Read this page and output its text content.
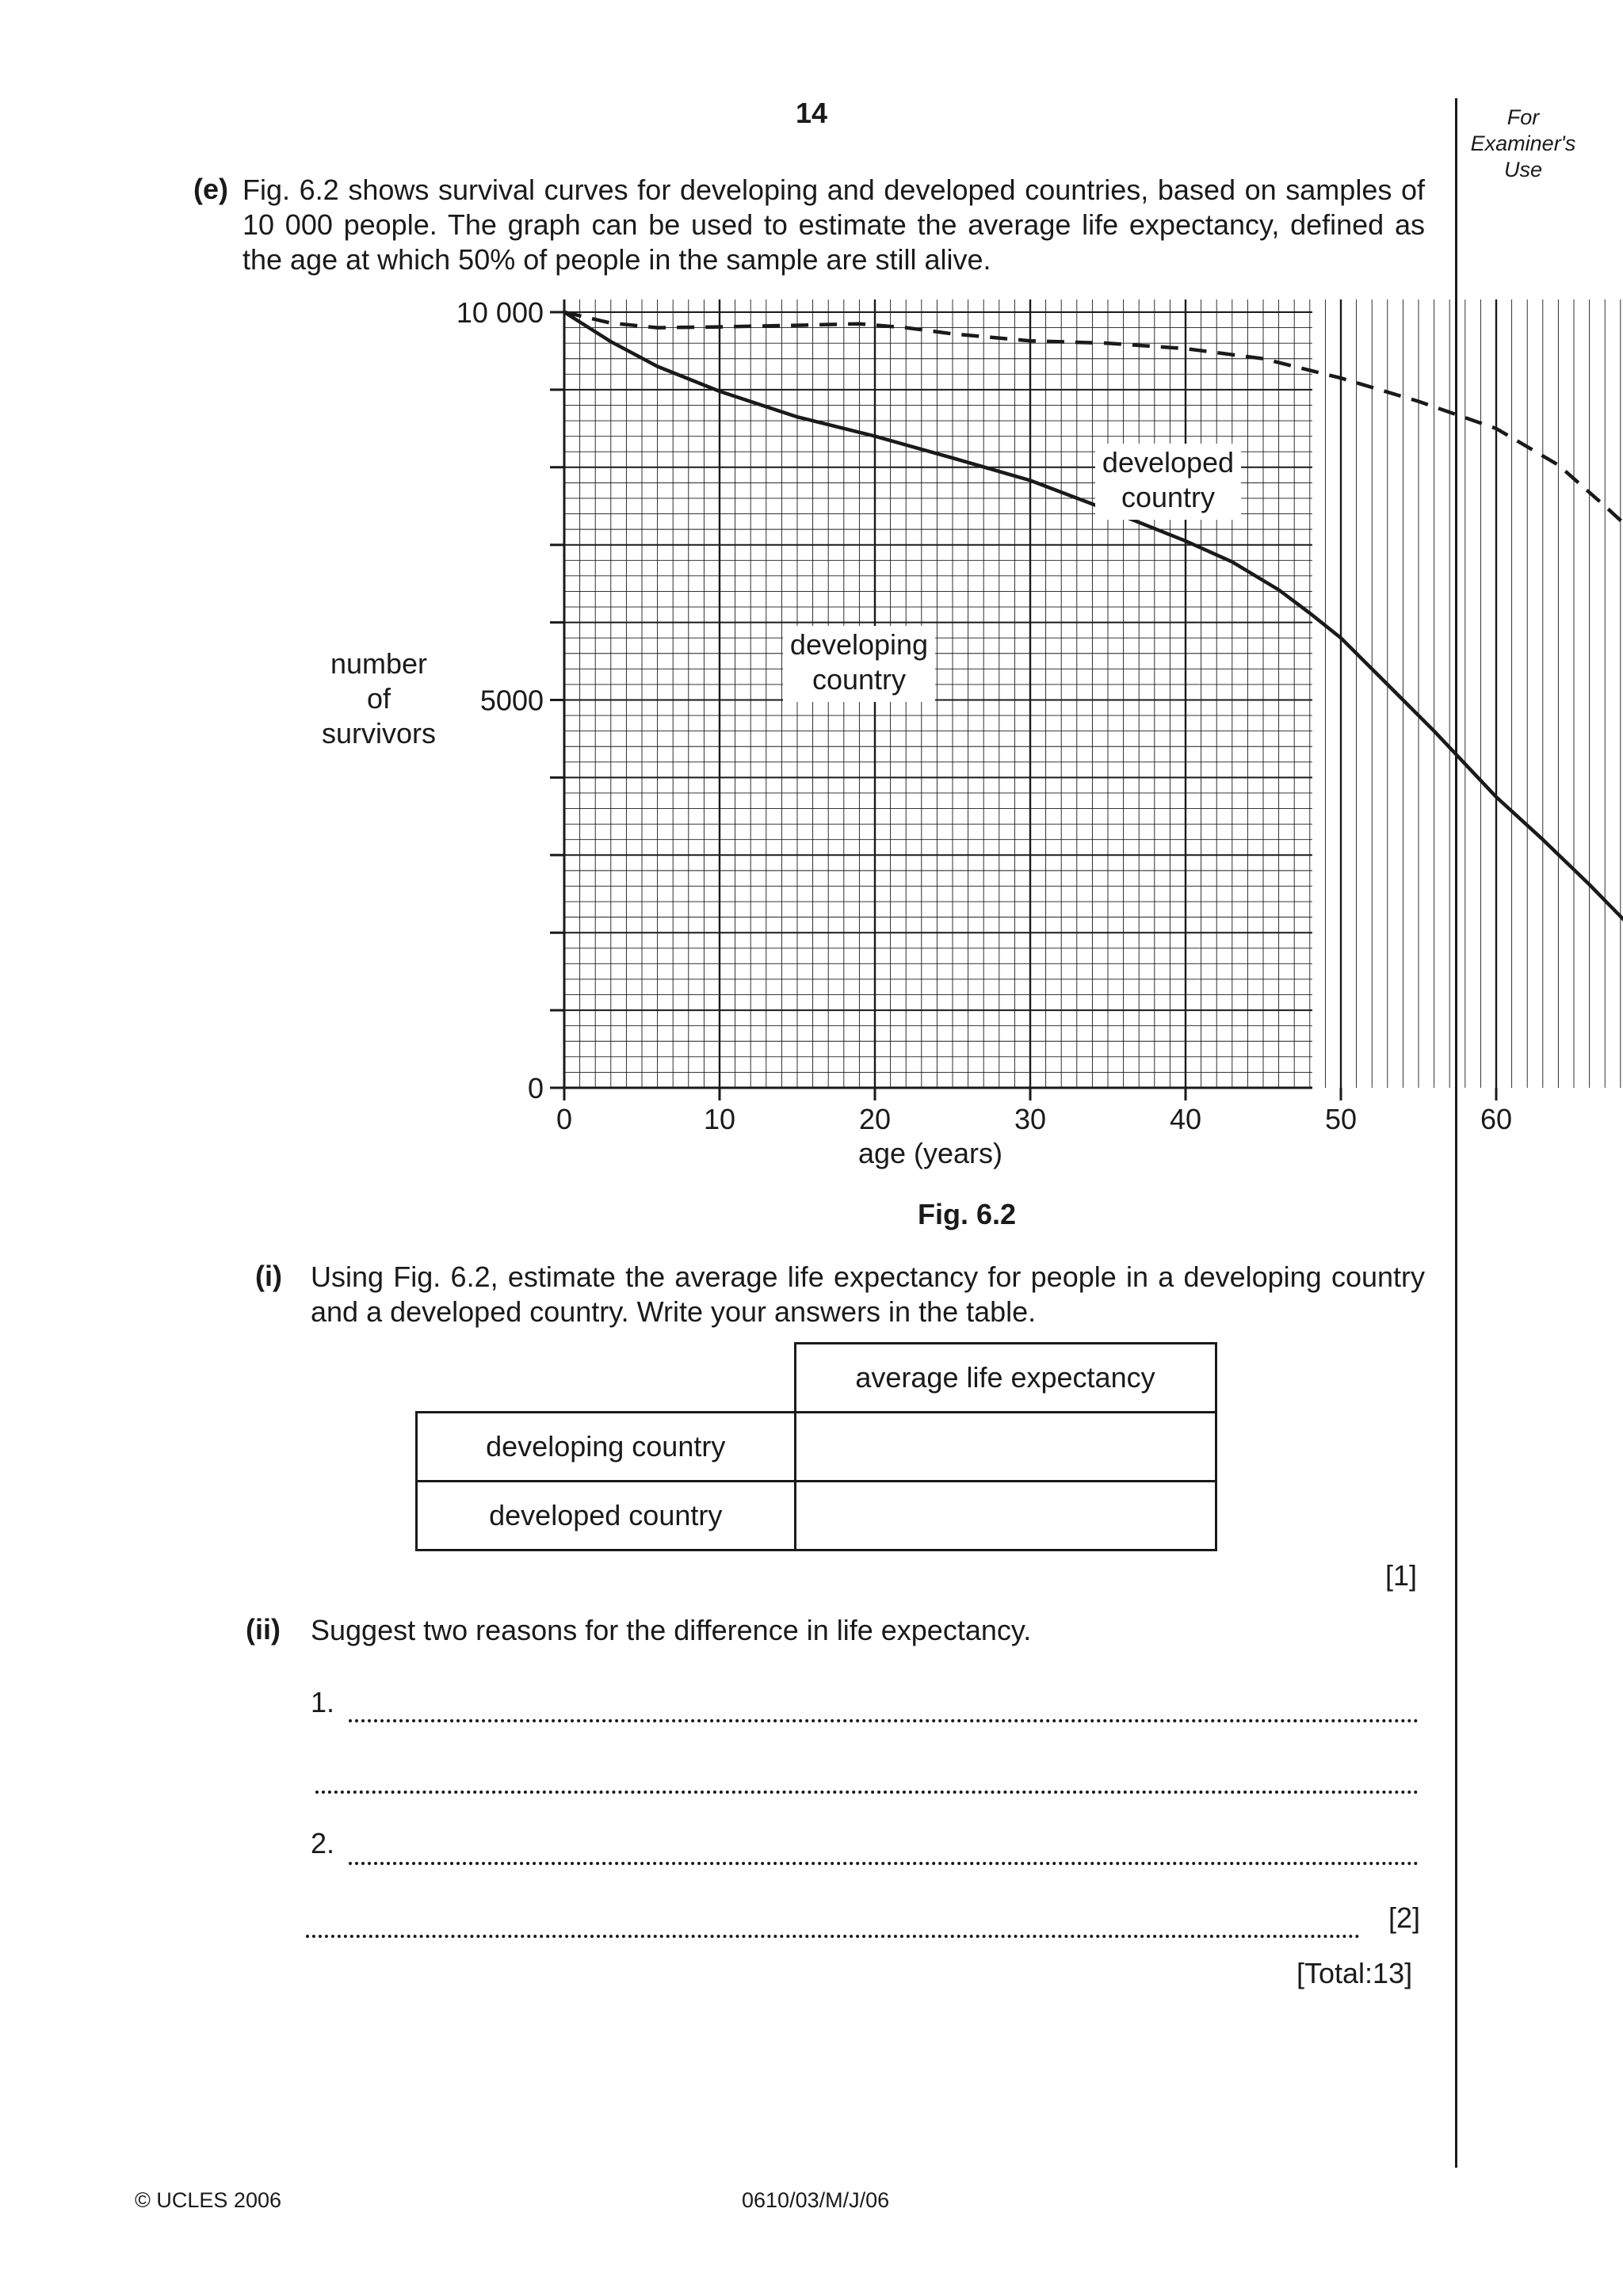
14	For Examiner's Use
(e) Fig. 6.2 shows survival curves for developing and developed countries, based on samples of 10 000 people. The graph can be used to estimate the average life expectancy, defined as the age at which 50% of people in the sample are still alive.
0
5000
10 000
0	10	20	30	40	50	60
age (years)
number
of
survivors
developing
country
developed
country
Fig. 6.2
(i) Using Fig. 6.2, estimate the average life expectancy for people in a developing country and a developed country. Write your answers in the table.
	average life expectancy
developing country	
developed country	
[1]
(ii) Suggest two reasons for the difference in life expectancy.
1.
2.
[2]
[Total:13]
© UCLES 2006	0610/03/M/J/06
